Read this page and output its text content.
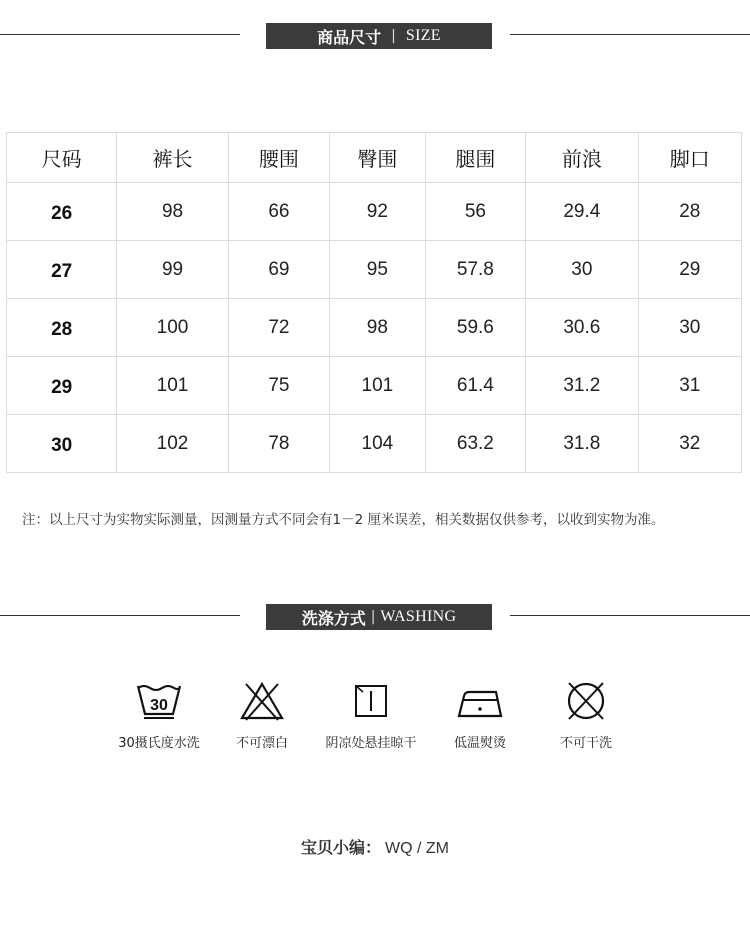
商品尺寸 | SIZE
尺码	裤长	腰围	臀围	腿围	前浪	脚口
26	98	66	92	56	29.4	28
27	99	69	95	57.8	30	29
28	100	72	98	59.6	30.6	30
29	101	75	101	61.4	31.2	31
30	102	78	104	63.2	31.8	32
注：以上尺寸为实物实际测量，因测量方式不同会有1－2 厘米误差，相关数据仅供参考，以收到实物为准。
洗涤方式 | WASHING
30
30摄氏度水洗	不可漂白	阴凉处悬挂晾干	低温熨烫	不可干洗
宝贝小编： WQ / ZM
